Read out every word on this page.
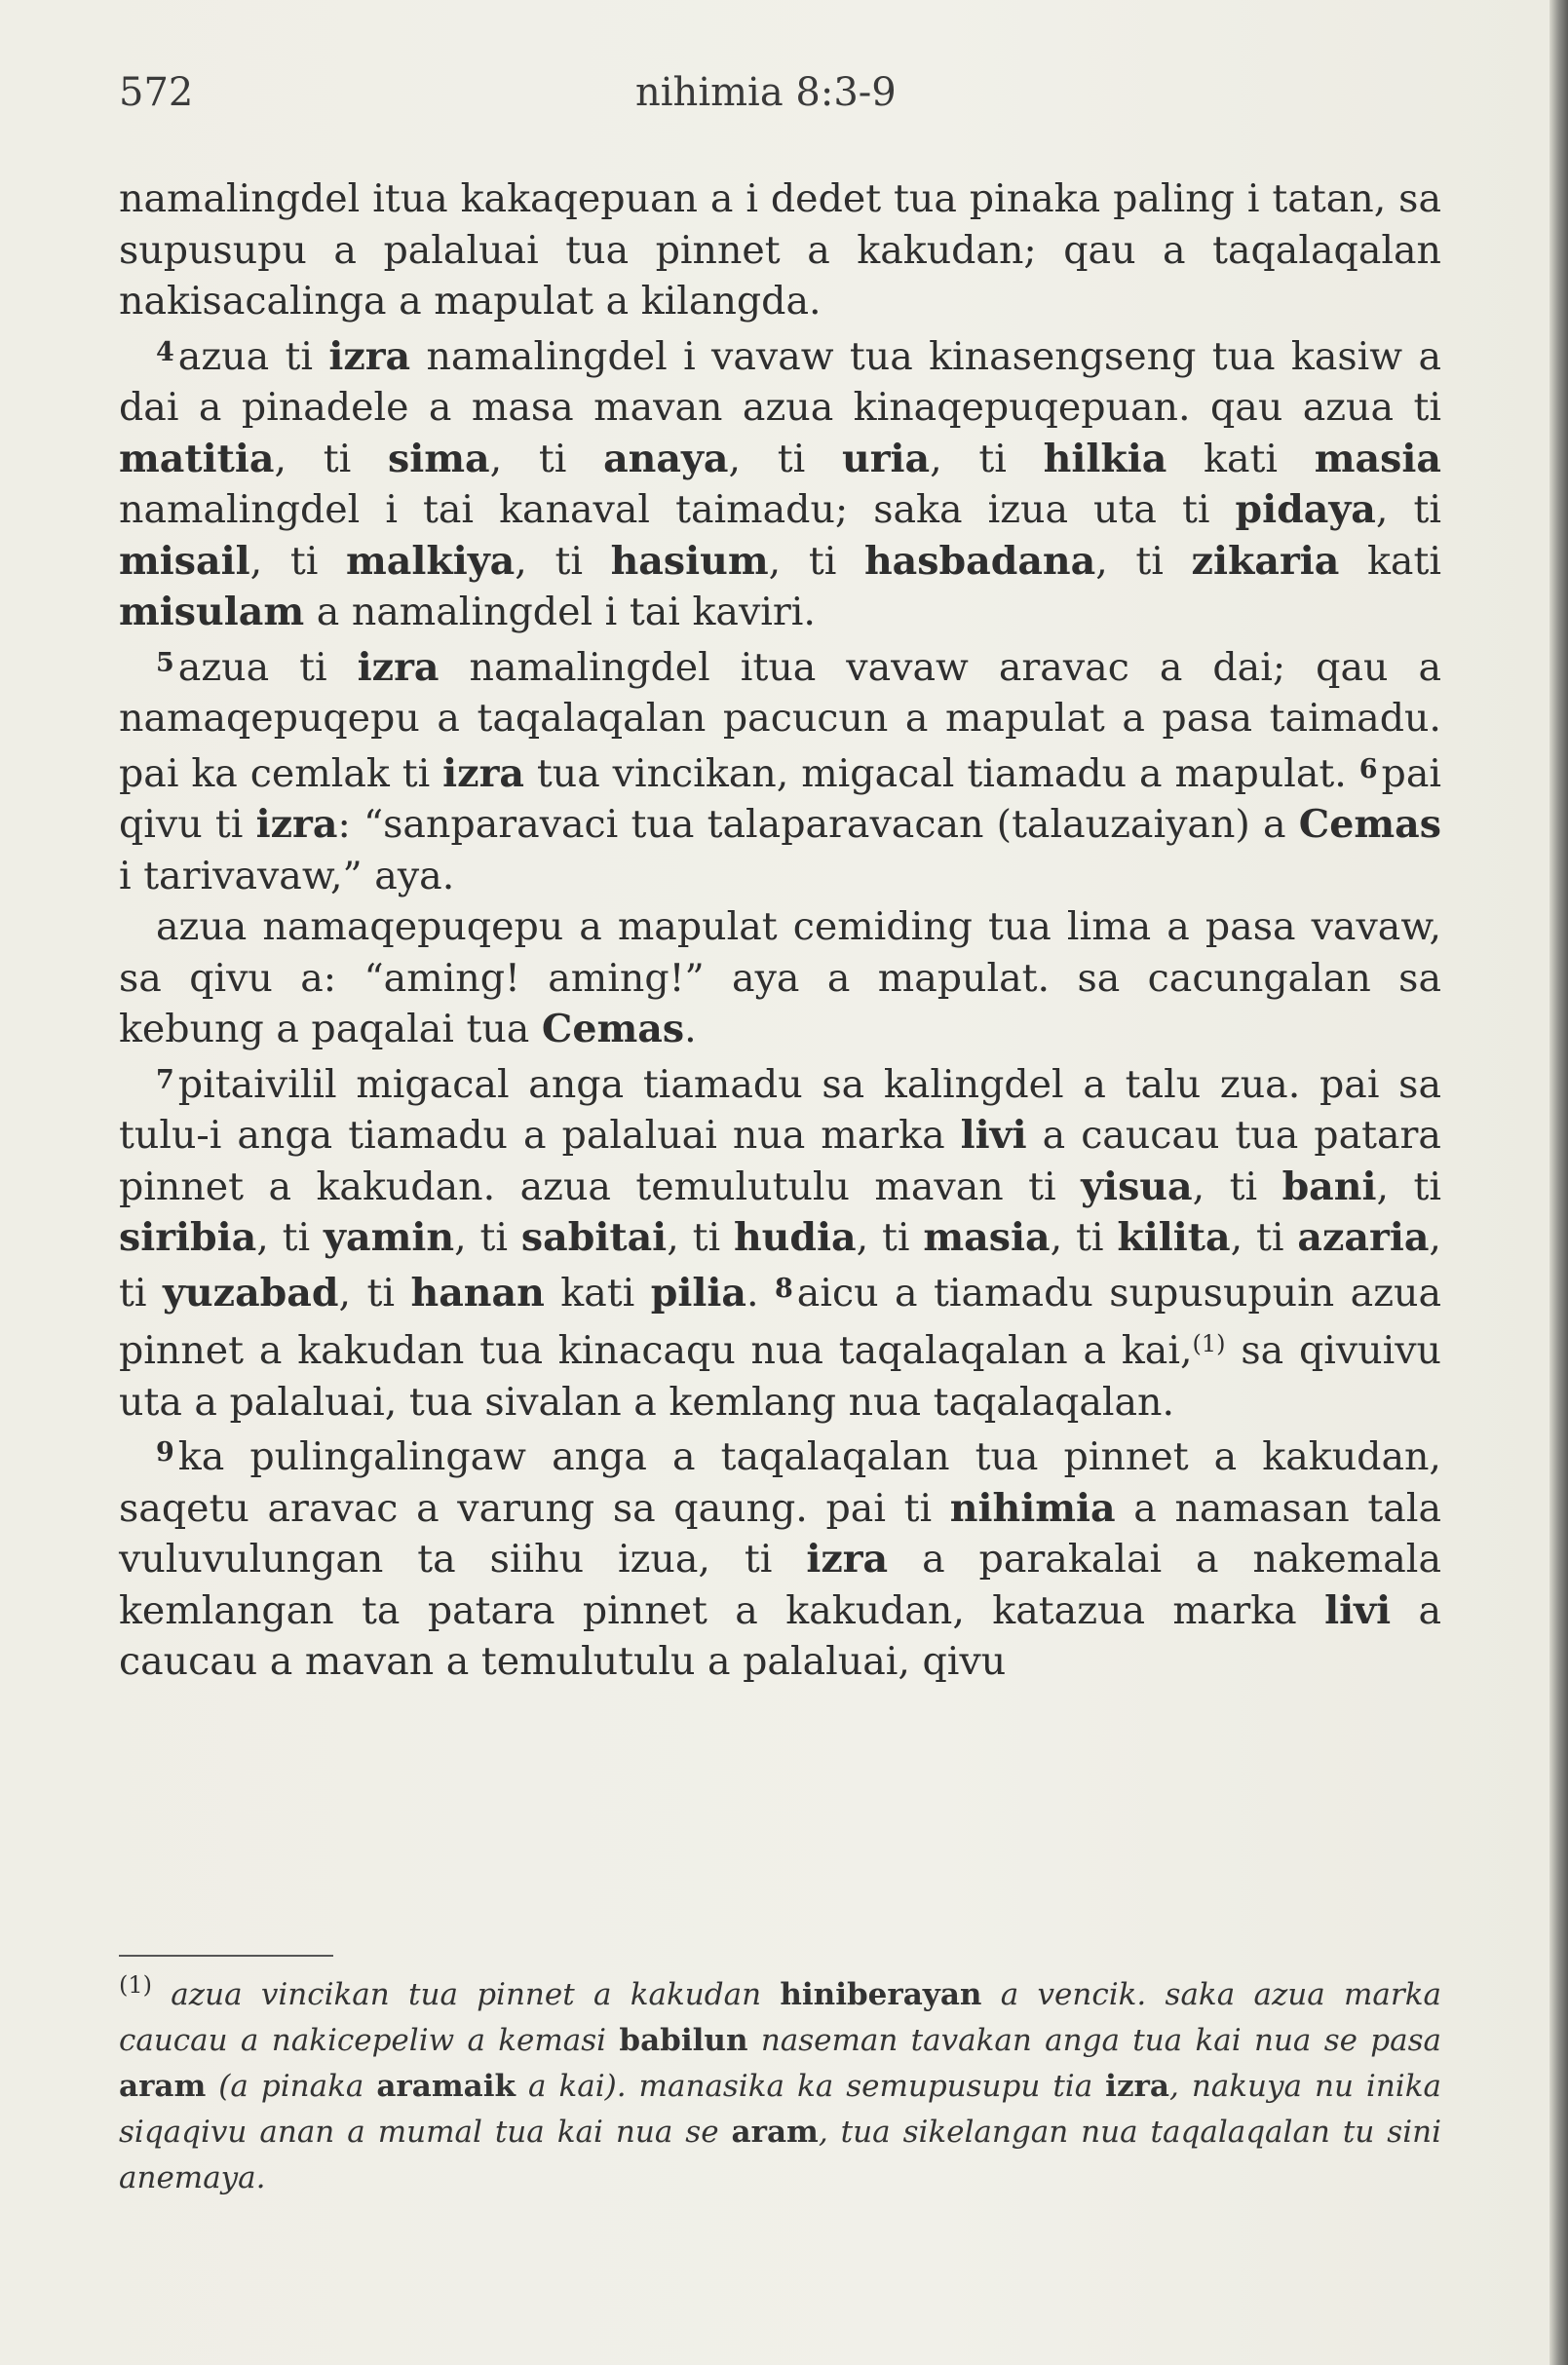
572	nihimia 8:3-9

namalingdel itua kakaqepuan a i dedet tua pinaka paling i tatan, sa supusupu a palaluai tua pinnet a kakudan; qau a taqalaqalan nakisacalinga a mapulat a kilangda.

$^4$ azua ti izra namalingdel i vavaw tua kinasengseng tua kasiw a dai a pinadele a masa mavan azua kinaqepuqepuan. qau azua ti matitia, ti sima, ti anaya, ti uria, ti hilkia kati masia namalingdel i tai kanaval taimadu; saka izua uta ti pidaya, ti misail, ti malkiya, ti hasium, ti hasbadana, ti zikaria kati misulam a namalingdel i tai kaviri.

$^5$ azua ti izra namalingdel itua vavaw aravac a dai; qau a namaqepuqepu a taqalaqalan pacucun a mapulat a pasa taimadu. pai ka cemlak ti izra tua vincikan, migacal tiamadu a mapulat. $^6$ pai qivu ti izra: “sanparavaci tua talaparavacan (talauzaiyan) a Cemas i tarivavaw,” aya.

azua namaqepuqepu a mapulat cemiding tua lima a pasa vavaw, sa qivu a: “aming! aming!” aya a mapulat. sa cacungalan sa kebung a paqalai tua Cemas.

$^7$ pitaivilil migacal anga tiamadu sa kalingdel a talu zua. pai sa tulu-i anga tiamadu a palaluai nua marka livi a caucau tua patara pinnet a kakudan. azua temulutulu mavan ti yisua, ti bani, ti siribia, ti yamin, ti sabitai, ti hudia, ti masia, ti kilita, ti azaria, ti yuzabad, ti hanan kati pilia. $^8$ aicu a tiamadu supusupuin azua pinnet a kakudan tua kinacaqu nua taqalaqalan a kai,$^{(1)}$ sa qivuivu uta a palaluai, tua sivalan a kemlang nua taqalaqalan.

$^9$ ka pulingalingaw anga a taqalaqalan tua pinnet a kakudan, saqetu aravac a varung sa qaung. pai ti nihimia a namasan tala vuluvulungan ta siihu izua, ti izra a parakalai a nakemala kemlangan ta patara pinnet a kakudan, katazua marka livi a caucau a mavan a temulutulu a palaluai, qivu

$^{(1)}$ azua vincikan tua pinnet a kakudan hiniberayan a vencik. saka azua marka caucau a nakicepeliw a kemasi babilun naseman tavakan anga tua kai nua se pasa aram (a pinaka aramaik a kai). manasika ka semupusupu tia izra, nakuya nu inika siqaqivu anan a mumal tua kai nua se aram, tua sikelangan nua taqalaqalan tu sini anemaya.
